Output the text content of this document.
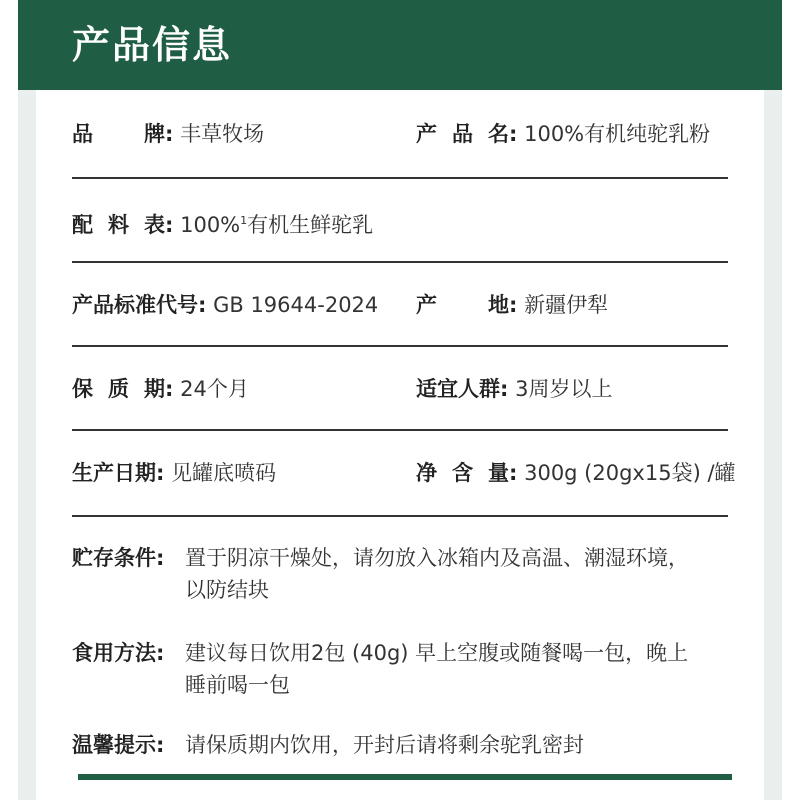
产品信息
品 牌: 丰草牧场	产 品 名: 100%有机纯驼乳粉
配 料 表: 100%$^1$有机生鲜驼乳
产品标准代号: GB 19644-2024 产 地: 新疆伊犁
保 质 期: 24个月	适宜人群: 3周岁以上
生产日期: 见罐底喷码	净 含 量: 300g (20gx15袋) /罐
贮存条件: 置于阴凉干燥处，请勿放入冰箱内及高温、潮湿环境，
以防结块
食用方法: 建议每日饮用2包 (40g) 早上空腹或随餐喝一包，晚上
睡前喝一包
温馨提示: 请保质期内饮用，开封后请将剩余驼乳密封
